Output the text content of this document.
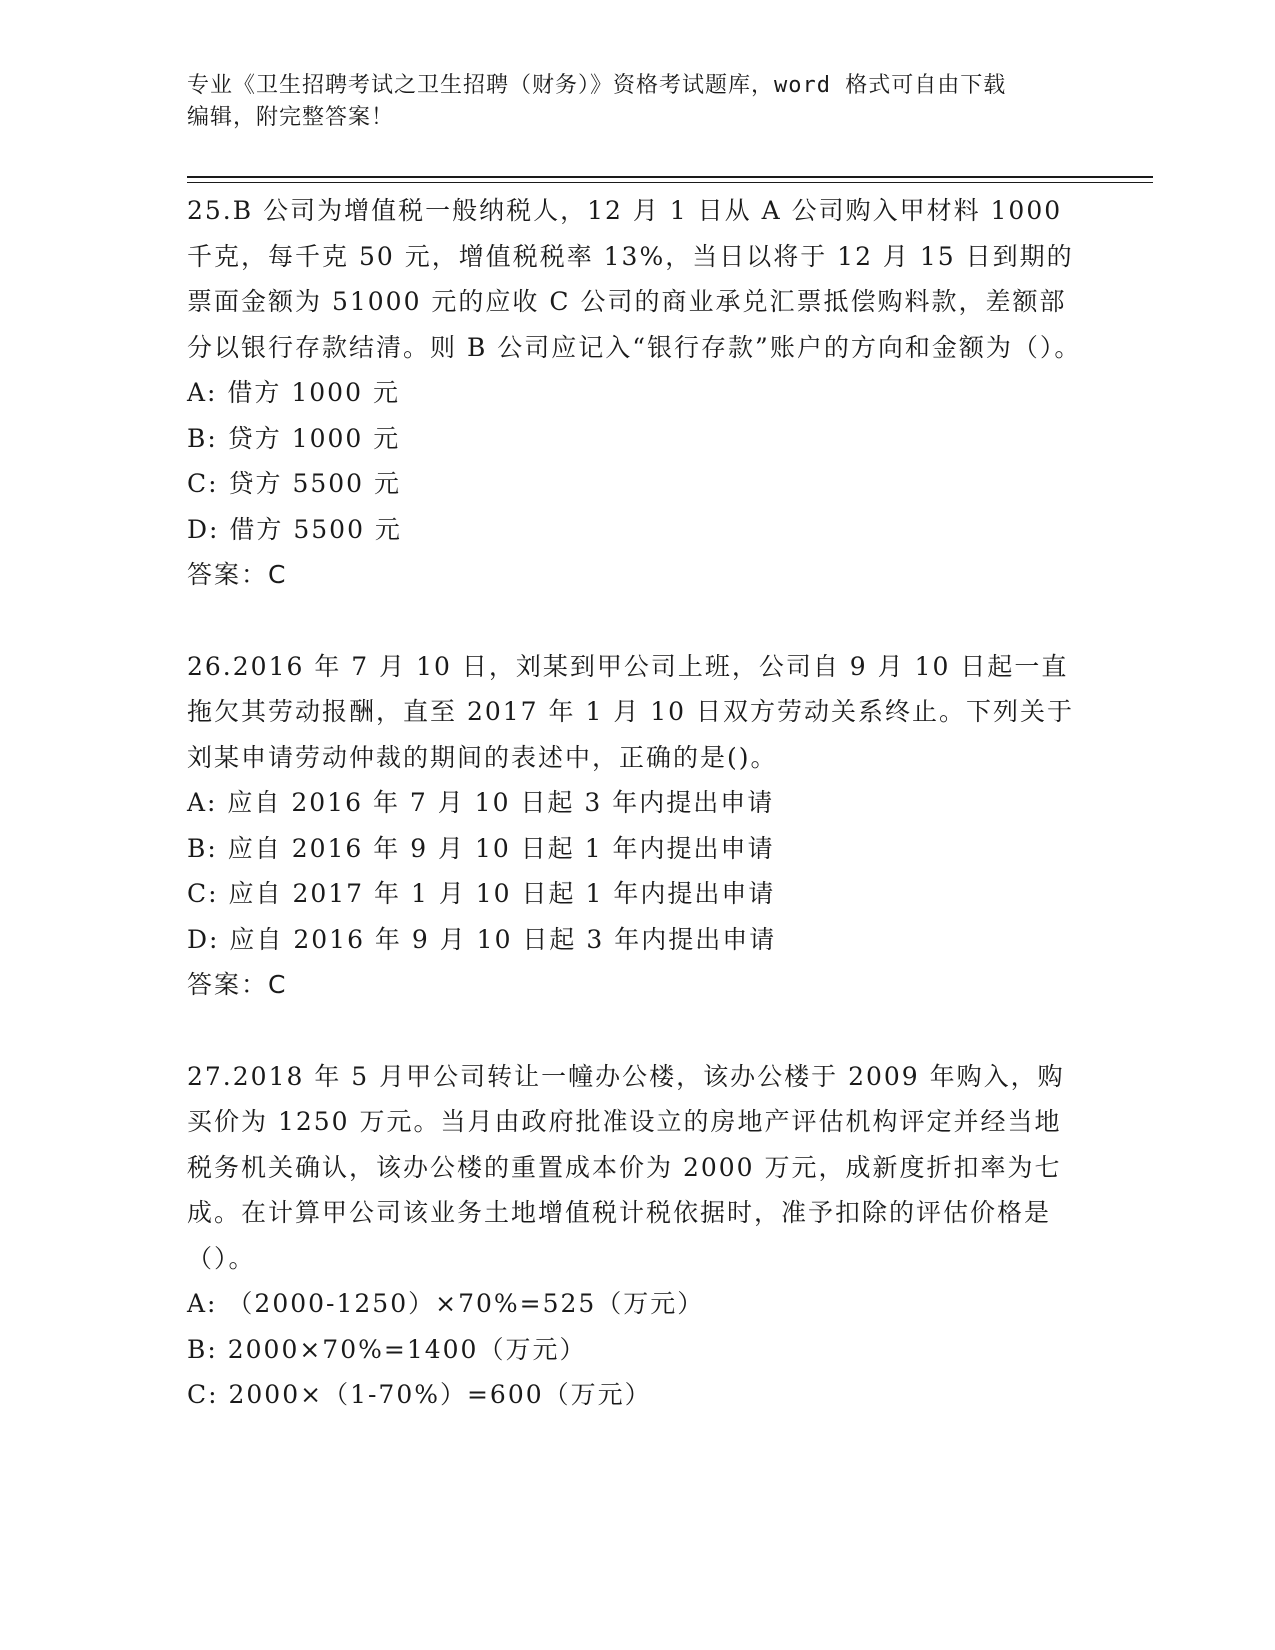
专业《卫生招聘考试之卫生招聘（财务）》资格考试题库，word 格式可自由下载
编辑，附完整答案！

25.B 公司为增值税一般纳税人，12 月 1 日从 A 公司购入甲材料 1000 千克，每千克 50 元，增值税税率 13%，当日以将于 12 月 15 日到期的票面金额为 51000 元的应收 C 公司的商业承兑汇票抵偿购料款，差额部分以银行存款结清。则 B 公司应记入“银行存款”账户的方向和金额为（）。

A: 借方 1000 元

B: 贷方 1000 元

C: 贷方 5500 元

D: 借方 5500 元

答案：C

26.2016 年 7 月 10 日，刘某到甲公司上班，公司自 9 月 10 日起一直拖欠其劳动报酬，直至 2017 年 1 月 10 日双方劳动关系终止。下列关于刘某申请劳动仲裁的期间的表述中，正确的是()。

A: 应自 2016 年 7 月 10 日起 3 年内提出申请

B: 应自 2016 年 9 月 10 日起 1 年内提出申请

C: 应自 2017 年 1 月 10 日起 1 年内提出申请

D: 应自 2016 年 9 月 10 日起 3 年内提出申请

答案：C

27.2018 年 5 月甲公司转让一幢办公楼，该办公楼于 2009 年购入，购买价为 1250 万元。当月由政府批准设立的房地产评估机构评定并经当地税务机关确认，该办公楼的重置成本价为 2000 万元，成新度折扣率为七成。在计算甲公司该业务土地增值税计税依据时，准予扣除的评估价格是（）。

A: （2000-1250）×70%=525（万元）

B: 2000×70%=1400（万元）

C: 2000×（1-70%）=600（万元）
